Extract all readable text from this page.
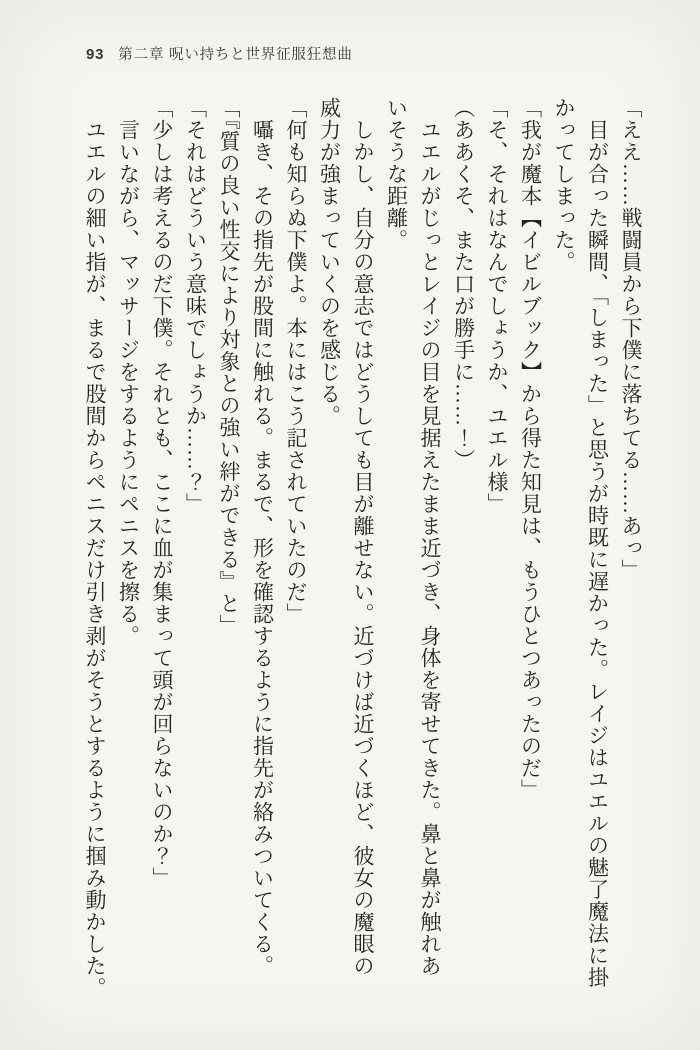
93 第二章 呪い持ちと世界征服狂想曲
「ええ……戦闘員から下僕に落ちてる……あっ」
　目が合った瞬間、「しまった」と思うが時既に遅かった。レイジはユエルの魅了魔法に掛
かってしまった。
「我が魔本【イビルブック】から得た知見は、もうひとつあったのだ」
「そ、それはなんでしょうか、ユエル様」
（ああくそ、また口が勝手に……！）
　ユエルがじっとレイジの目を見据えたまま近づき、身体を寄せてきた。鼻と鼻が触れあ
いそうな距離。
　しかし、自分の意志ではどうしても目が離せない。近づけば近づくほど、彼女の魔眼の
威力が強まっていくのを感じる。
「何も知らぬ下僕よ。本にはこう記されていたのだ」
　囁き、その指先が股間に触れる。まるで、形を確認するように指先が絡みついてくる。
「『質の良い性交により対象との強い絆ができる』と」
「それはどういう意味でしょうか……？」
「少しは考えるのだ下僕。それとも、ここに血が集まって頭が回らないのか？」
　言いながら、マッサージをするようにペニスを擦る。
　ユエルの細い指が、まるで股間からペニスだけ引き剥がそうとするように掴み動かした。
